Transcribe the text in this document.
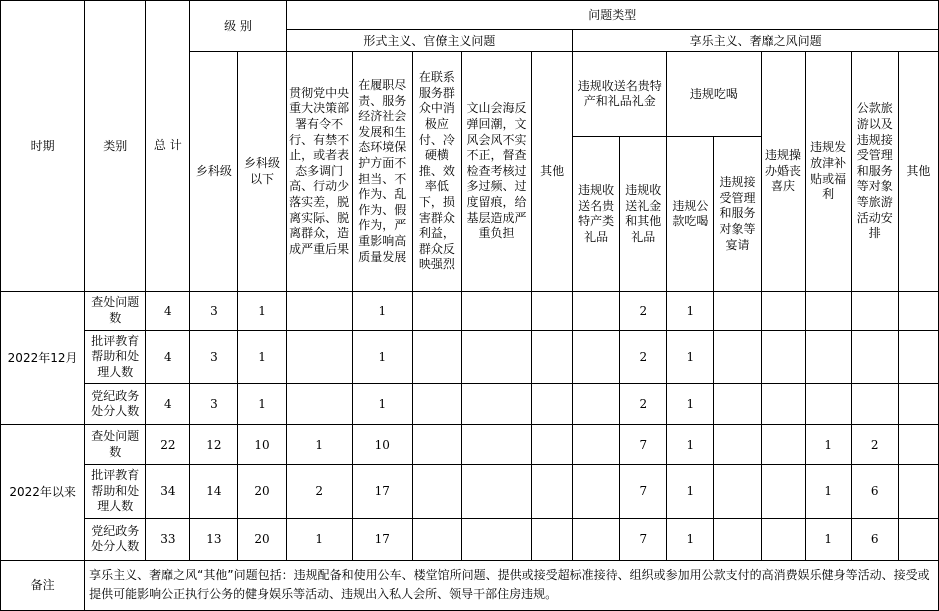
时期	类别	总 计	级 别		问题类型												
					形式主义、官僚主义问题					享乐主义、奢靡之风问题							
			乡科级	乡科级以下	贯彻党中央重大决策部署有令不行、有禁不止，或者表态多调门高、行动少落实差，脱离实际、脱离群众，造成严重后果	在履职尽责、服务经济社会发展和生态环境保护方面不担当、不作为、乱作为、假作为，严重影响高质量发展	在联系服务群众中消极应付、冷硬横推、效率低下，损害群众利益，群众反映强烈	文山会海反弹回潮，文风会风不实不正，督查检查考核过多过频、过度留痕，给基层造成严重负担	其他	违规收送名贵特产和礼品礼金		违规吃喝		违规操办婚丧喜庆	违规发放津补贴或福利	公款旅游以及违规接受管理和服务等对象等旅游活动安排	其他
										违规收送名贵特产类礼品	违规收送礼金和其他礼品	违规公款吃喝	违规接受管理和服务对象等宴请				
2022年12月	查处问题数	4	3	1		1					2	1					
	批评教育帮助和处理人数	4	3	1		1					2	1					
	党纪政务处分人数	4	3	1		1					2	1					
2022年以来	查处问题数	22	12	10	1	10					7	1			1	2	
	批评教育帮助和处理人数	34	14	20	2	17					7	1			1	6	
	党纪政务处分人数	33	13	20	1	17					7	1			1	6	
备注	享乐主义、奢靡之风“其他”问题包括：违规配备和使用公车、楼堂馆所问题、提供或接受超标准接待、组织或参加用公款支付的高消费娱乐健身等活动、接受或提供可能影响公正执行公务的健身娱乐等活动、违规出入私人会所、领导干部住房违规。																
